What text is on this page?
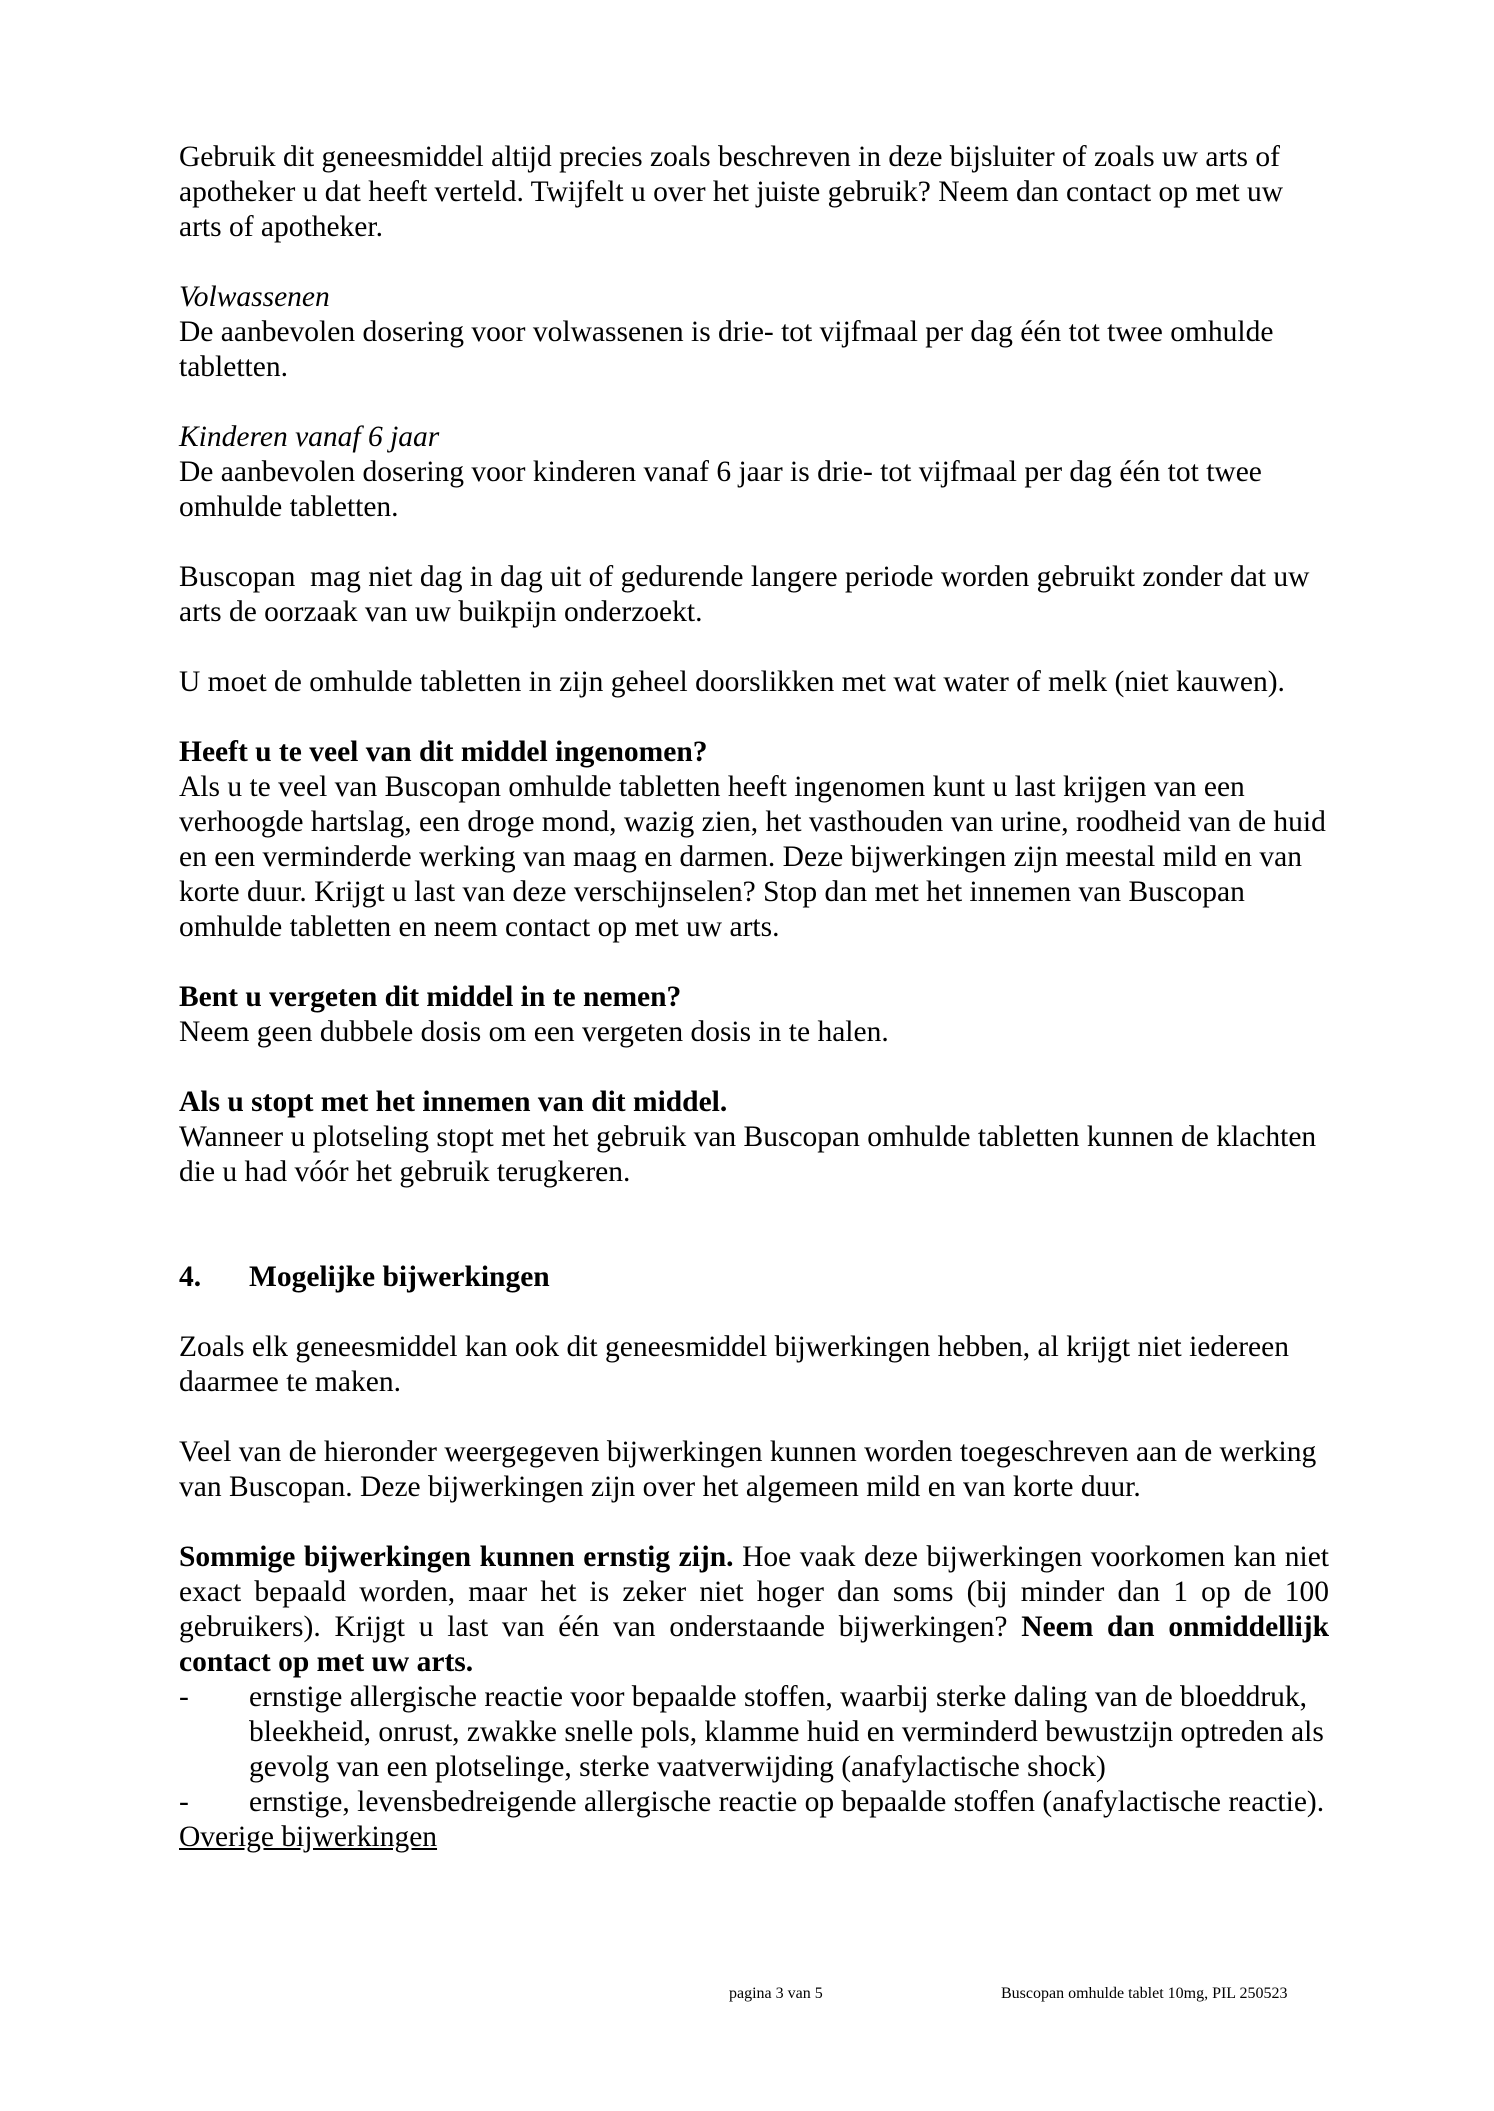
Gebruik dit geneesmiddel altijd precies zoals beschreven in deze bijsluiter of zoals uw arts of apotheker u dat heeft verteld. Twijfelt u over het juiste gebruik? Neem dan contact op met uw arts of apotheker.

Volwassenen

De aanbevolen dosering voor volwassenen is drie- tot vijfmaal per dag één tot twee omhulde tabletten.

Kinderen vanaf 6 jaar

De aanbevolen dosering voor kinderen vanaf 6 jaar is drie- tot vijfmaal per dag één tot twee omhulde tabletten.

Buscopan  mag niet dag in dag uit of gedurende langere periode worden gebruikt zonder dat uw arts de oorzaak van uw buikpijn onderzoekt.

U moet de omhulde tabletten in zijn geheel doorslikken met wat water of melk (niet kauwen).

Heeft u te veel van dit middel ingenomen?

Als u te veel van Buscopan omhulde tabletten heeft ingenomen kunt u last krijgen van een verhoogde hartslag, een droge mond, wazig zien, het vasthouden van urine, roodheid van de huid en een verminderde werking van maag en darmen. Deze bijwerkingen zijn meestal mild en van korte duur. Krijgt u last van deze verschijnselen? Stop dan met het innemen van Buscopan omhulde tabletten en neem contact op met uw arts.

Bent u vergeten dit middel in te nemen?

Neem geen dubbele dosis om een vergeten dosis in te halen.

Als u stopt met het innemen van dit middel.

Wanneer u plotseling stopt met het gebruik van Buscopan omhulde tabletten kunnen de klachten die u had vóór het gebruik terugkeren.

4.	Mogelijke bijwerkingen

Zoals elk geneesmiddel kan ook dit geneesmiddel bijwerkingen hebben, al krijgt niet iedereen daarmee te maken.

Veel van de hieronder weergegeven bijwerkingen kunnen worden toegeschreven aan de werking van Buscopan. Deze bijwerkingen zijn over het algemeen mild en van korte duur.

Sommige bijwerkingen kunnen ernstig zijn. Hoe vaak deze bijwerkingen voorkomen kan niet exact bepaald worden, maar het is zeker niet hoger dan soms (bij minder dan 1 op de 100 gebruikers). Krijgt u last van één van onderstaande bijwerkingen? Neem dan onmiddellijk contact op met uw arts.

-	ernstige allergische reactie voor bepaalde stoffen, waarbij sterke daling van de bloeddruk, bleekheid, onrust, zwakke snelle pols, klamme huid en verminderd bewustzijn optreden als gevolg van een plotselinge, sterke vaatverwijding (anafylactische shock)
-	ernstige, levensbedreigende allergische reactie op bepaalde stoffen (anafylactische reactie).

Overige bijwerkingen

pagina 3 van 5	Buscopan omhulde tablet 10mg, PIL 250523
